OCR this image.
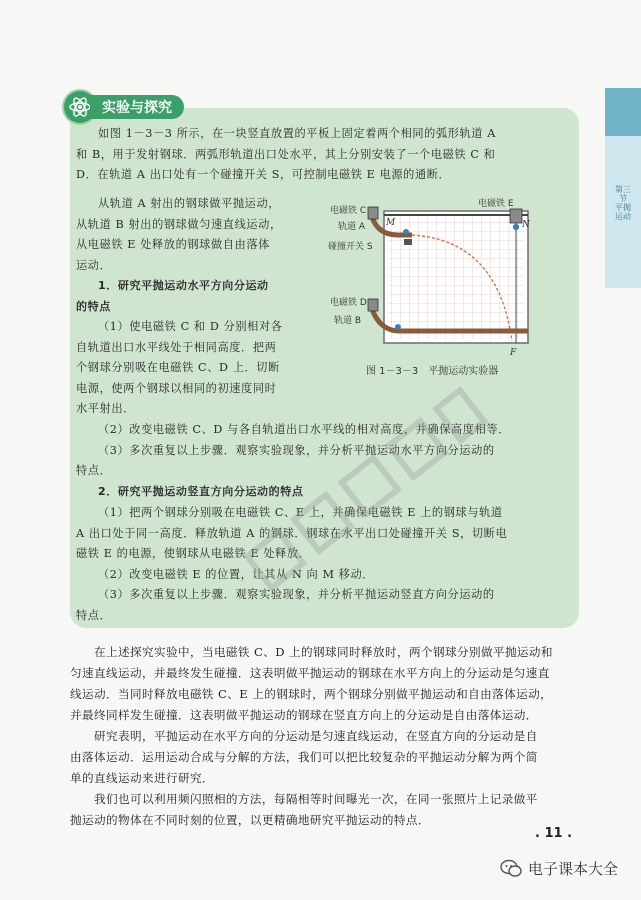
第三节 平抛运动
实验与探究
如图 1－3－3 所示，在一块竖直放置的平板上固定着两个相同的弧形轨道 A
和 B，用于发射钢球．两弧形轨道出口处水平，其上分别安装了一个电磁铁 C 和
D．在轨道 A 出口处有一个碰撞开关 S，可控制电磁铁 E 电源的通断．
从轨道 A 射出的钢球做平抛运动，
从轨道 B 射出的钢球做匀速直线运动，
从电磁铁 E 处释放的钢球做自由落体
运动．
1．研究平抛运动水平方向分运动
的特点
（1）使电磁铁 C 和 D 分别相对各
自轨道出口水平线处于相同高度．把两
个钢球分别吸在电磁铁 C、D 上．切断
电源，使两个钢球以相同的初速度同时
水平射出．
（2）改变电磁铁 C、D 与各自轨道出口水平线的相对高度，并确保高度相等．
（3）多次重复以上步骤．观察实验现象，并分析平抛运动水平方向分运动的
特点．
2．研究平抛运动竖直方向分运动的特点
（1）把两个钢球分别吸在电磁铁 C、E 上，并确保电磁铁 E 上的钢球与轨道
A 出口处于同一高度．释放轨道 A 的钢球．钢球在水平出口处碰撞开关 S，切断电
磁铁 E 的电源，使钢球从电磁铁 E 处释放．
（2）改变电磁铁 E 的位置，让其从 N 向 M 移动．
（3）多次重复以上步骤．观察实验现象，并分析平抛运动竖直方向分运动的
特点．
电磁铁 C
轨道 A
碰撞开关 S
电磁铁 E
M	N
电磁铁 D
轨道 B
F
图 1－3－3　平抛运动实验器
在上述探究实验中，当电磁铁 C、D 上的钢球同时释放时，两个钢球分别做平抛运动和
匀速直线运动，并最终发生碰撞．这表明做平抛运动的钢球在水平方向上的分运动是匀速直
线运动．当同时释放电磁铁 C、E 上的钢球时，两个钢球分别做平抛运动和自由落体运动，
并最终同样发生碰撞．这表明做平抛运动的钢球在竖直方向上的分运动是自由落体运动．
研究表明，平抛运动在水平方向的分运动是匀速直线运动，在竖直方向的分运动是自
由落体运动．运用运动合成与分解的方法，我们可以把比较复杂的平抛运动分解为两个简
单的直线运动来进行研究．
我们也可以利用频闪照相的方法，每隔相等时间曝光一次，在同一张照片上记录做平
抛运动的物体在不同时刻的位置，以更精确地研究平抛运动的特点．
. 11 .
电子课本大全
